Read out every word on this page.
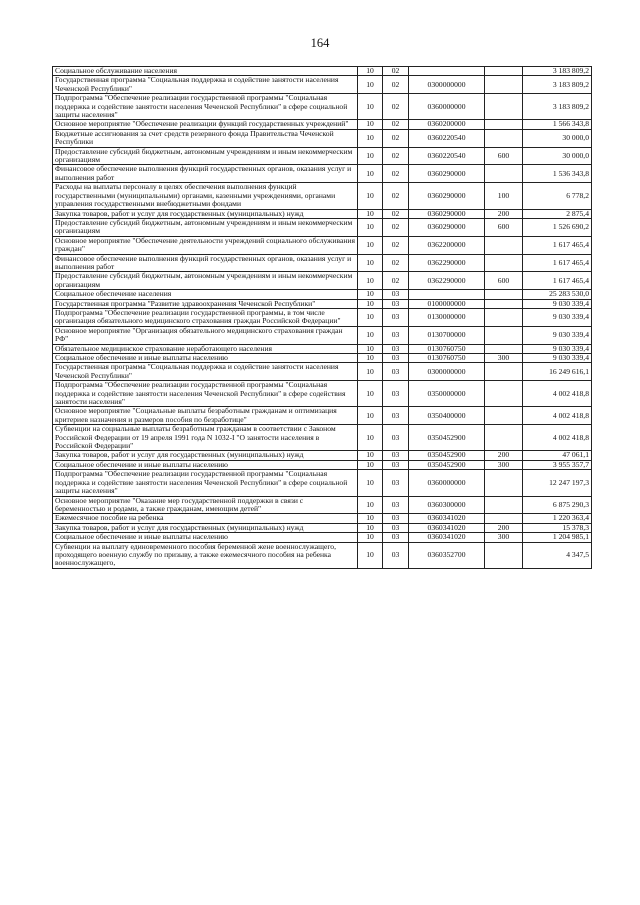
164
Социальное обслуживание населения	10	02			3 183 809,2
Государственная программа "Социальная поддержка и содействие занятости населения Чеченской Республики"	10	02	0300000000		3 183 809,2
Подпрограмма "Обеспечение реализации государственной программы "Социальная поддержка и содействие занятости населения Чеченской Республики" в сфере социальной защиты населения"	10	02	0360000000		3 183 809,2
Основное мероприятие "Обеспечение реализации функций государственных учреждений"	10	02	0360200000		1 566 343,8
Бюджетные ассигнования за счет средств резервного фонда Правительства Чеченской Республики	10	02	0360220540		30 000,0
Предоставление субсидий бюджетным, автономным учреждениям и иным некоммерческим организациям	10	02	0360220540	600	30 000,0
Финансовое обеспечение выполнения функций государственных органов, оказания услуг и выполнения работ	10	02	0360290000		1 536 343,8
Расходы на выплаты персоналу в целях обеспечения выполнения функций государственными (муниципальными) органами, казенными учреждениями, органами управления государственными внебюджетными фондами	10	02	0360290000	100	6 778,2
Закупка товаров, работ и услуг для государственных (муниципальных) нужд	10	02	0360290000	200	2 875,4
Предоставление субсидий бюджетным, автономным учреждениям и иным некоммерческим организациям	10	02	0360290000	600	1 526 690,2
Основное мероприятие "Обеспечение деятельности учреждений социального обслуживания граждан"	10	02	0362200000		1 617 465,4
Финансовое обеспечение выполнения функций государственных органов, оказания услуг и выполнения работ	10	02	0362290000		1 617 465,4
Предоставление субсидий бюджетным, автономным учреждениям и иным некоммерческим организациям	10	02	0362290000	600	1 617 465,4
Социальное обеспечение населения	10	03			25 283 530,0
Государственная программа "Развитие здравоохранения Чеченской Республики"	10	03	0100000000		9 030 339,4
Подпрограмма "Обеспечение реализации государственной программы, в том числе организация обязательного медицинского страхования граждан Российской Федерации"	10	03	0130000000		9 030 339,4
Основное мероприятие "Организация обязательного медицинского страхования граждан РФ"	10	03	0130700000		9 030 339,4
Обязательное медицинское страхование неработающего населения	10	03	0130760750		9 030 339,4
Социальное обеспечение и иные выплаты населению	10	03	0130760750	300	9 030 339,4
Государственная программа "Социальная поддержка и содействие занятости населения Чеченской Республики"	10	03	0300000000		16 249 616,1
Подпрограмма "Обеспечение реализации государственной программы "Социальная поддержка и содействие занятости населения Чеченской Республики" в сфере содействия занятости населения"	10	03	0350000000		4 002 418,8
Основное мероприятие "Социальные выплаты безработным гражданам и оптимизация критериев назначения и размеров пособия по безработице"	10	03	0350400000		4 002 418,8
Субвенции на социальные выплаты безработным гражданам в соответствии с Законом Российской Федерации от 19 апреля 1991 года N 1032-I "О занятости населения в Российской Федерации"	10	03	0350452900		4 002 418,8
Закупка товаров, работ и услуг для государственных (муниципальных) нужд	10	03	0350452900	200	47 061,1
Социальное обеспечение и иные выплаты населению	10	03	0350452900	300	3 955 357,7
Подпрограмма "Обеспечение реализации государственной программы "Социальная поддержка и содействие занятости населения Чеченской Республики" в сфере социальной защиты населения"	10	03	0360000000		12 247 197,3
Основное мероприятие "Оказание мер государственной поддержки в связи с беременностью и родами, а также гражданам, имеющим детей"	10	03	0360300000		6 875 290,3
Ежемесячное пособие на ребенка	10	03	0360341020		1 220 363,4
Закупка товаров, работ и услуг для государственных (муниципальных) нужд	10	03	0360341020	200	15 378,3
Социальное обеспечение и иные выплаты населению	10	03	0360341020	300	1 204 985,1
Субвенции на выплату единовременного пособия беременной жене военнослужащего, проходящего военную службу по призыву, а также ежемесячного пособия на ребенка военнослужащего,	10	03	0360352700		4 347,5
